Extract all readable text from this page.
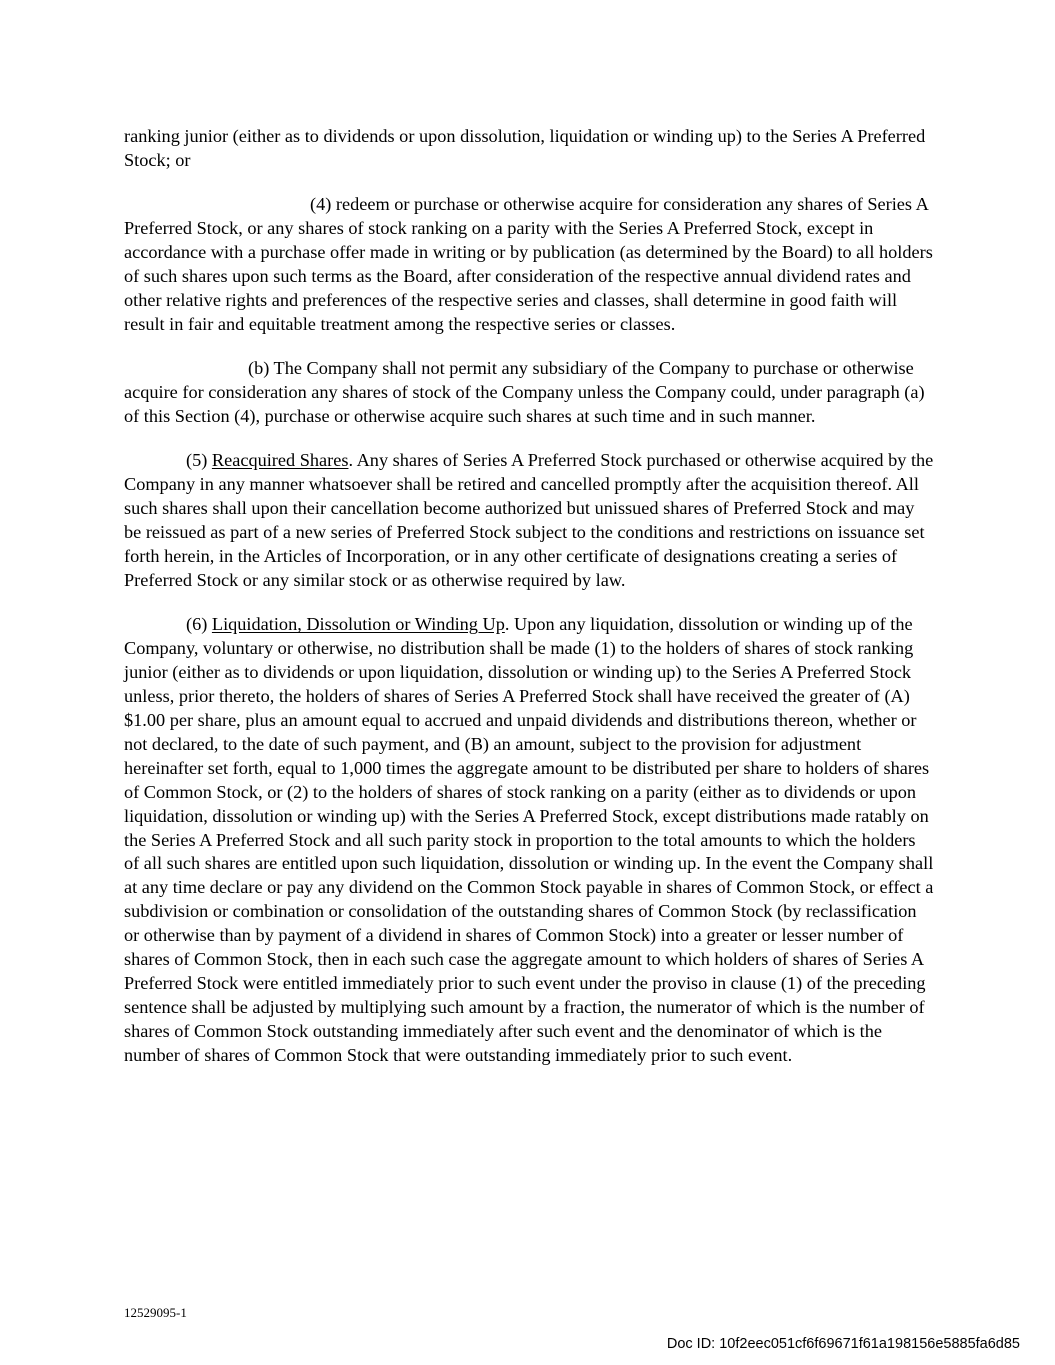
ranking junior (either as to dividends or upon dissolution, liquidation or winding up) to the Series A Preferred Stock; or

(4) redeem or purchase or otherwise acquire for consideration any shares of Series A Preferred Stock, or any shares of stock ranking on a parity with the Series A Preferred Stock, except in accordance with a purchase offer made in writing or by publication (as determined by the Board) to all holders of such shares upon such terms as the Board, after consideration of the respective annual dividend rates and other relative rights and preferences of the respective series and classes, shall determine in good faith will result in fair and equitable treatment among the respective series or classes.

(b) The Company shall not permit any subsidiary of the Company to purchase or otherwise acquire for consideration any shares of stock of the Company unless the Company could, under paragraph (a) of this Section (4), purchase or otherwise acquire such shares at such time and in such manner.

(5) Reacquired Shares. Any shares of Series A Preferred Stock purchased or otherwise acquired by the Company in any manner whatsoever shall be retired and cancelled promptly after the acquisition thereof. All such shares shall upon their cancellation become authorized but unissued shares of Preferred Stock and may be reissued as part of a new series of Preferred Stock subject to the conditions and restrictions on issuance set forth herein, in the Articles of Incorporation, or in any other certificate of designations creating a series of Preferred Stock or any similar stock or as otherwise required by law.

(6) Liquidation, Dissolution or Winding Up. Upon any liquidation, dissolution or winding up of the Company, voluntary or otherwise, no distribution shall be made (1) to the holders of shares of stock ranking junior (either as to dividends or upon liquidation, dissolution or winding up) to the Series A Preferred Stock unless, prior thereto, the holders of shares of Series A Preferred Stock shall have received the greater of (A) $1.00 per share, plus an amount equal to accrued and unpaid dividends and distributions thereon, whether or not declared, to the date of such payment, and (B) an amount, subject to the provision for adjustment hereinafter set forth, equal to 1,000 times the aggregate amount to be distributed per share to holders of shares of Common Stock, or (2) to the holders of shares of stock ranking on a parity (either as to dividends or upon liquidation, dissolution or winding up) with the Series A Preferred Stock, except distributions made ratably on the Series A Preferred Stock and all such parity stock in proportion to the total amounts to which the holders of all such shares are entitled upon such liquidation, dissolution or winding up. In the event the Company shall at any time declare or pay any dividend on the Common Stock payable in shares of Common Stock, or effect a subdivision or combination or consolidation of the outstanding shares of Common Stock (by reclassification or otherwise than by payment of a dividend in shares of Common Stock) into a greater or lesser number of shares of Common Stock, then in each such case the aggregate amount to which holders of shares of Series A Preferred Stock were entitled immediately prior to such event under the proviso in clause (1) of the preceding sentence shall be adjusted by multiplying such amount by a fraction, the numerator of which is the number of shares of Common Stock outstanding immediately after such event and the denominator of which is the number of shares of Common Stock that were outstanding immediately prior to such event.

12529095-1
Doc ID: 10f2eec051cf6f69671f61a198156e5885fa6d85
